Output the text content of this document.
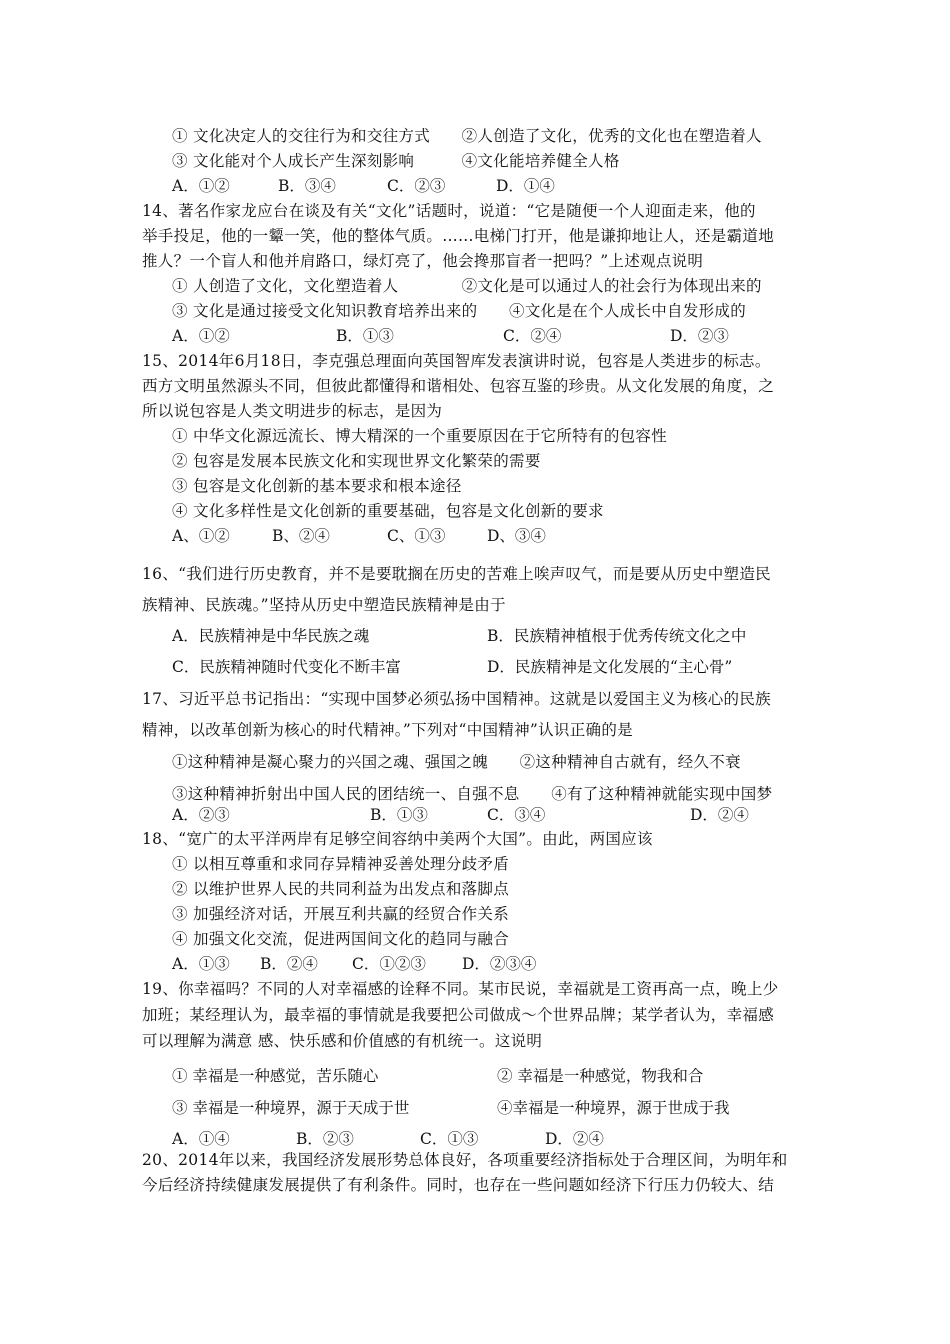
① 文化决定人的交往行为和交往方式　　②人创造了文化，优秀的文化也在塑造着人
③ 文化能对个人成长产生深刻影响　　　④文化能培养健全人格
A．①②	B．③④	C．②③	D．①④
14、著名作家龙应台在谈及有关“文化”话题时，说道：“它是随便一个人迎面走来，他的
举手投足，他的一颦一笑，他的整体气质。……电梯门打开，他是谦抑地让人，还是霸道地
推人？一个盲人和他并肩路口，绿灯亮了，他会搀那盲者一把吗？”上述观点说明
① 人创造了文化，文化塑造着人　　　　②文化是可以通过人的社会行为体现出来的
③ 文化是通过接受文化知识教育培养出来的　　④文化是在个人成长中自发形成的
A．①②	B．①③	C．②④	D．②③
15、2014年6月18日，李克强总理面向英国智库发表演讲时说，包容是人类进步的标志。
西方文明虽然源头不同，但彼此都懂得和谐相处、包容互鉴的珍贵。从文化发展的角度，之
所以说包容是人类文明进步的标志，是因为
① 中华文化源远流长、博大精深的一个重要原因在于它所特有的包容性
② 包容是发展本民族文化和实现世界文化繁荣的需要
③ 包容是文化创新的基本要求和根本途径
④ 文化多样性是文化创新的重要基础，包容是文化创新的要求
A、①②	B、②④	C、①③	D、③④
16、“我们进行历史教育，并不是要耽搁在历史的苦难上唉声叹气，而是要从历史中塑造民
族精神、民族魂。”坚持从历史中塑造民族精神是由于
A．民族精神是中华民族之魂	B．民族精神植根于优秀传统文化之中
C．民族精神随时代变化不断丰富	D．民族精神是文化发展的“主心骨”
17、习近平总书记指出：“实现中国梦必须弘扬中国精神。这就是以爱国主义为核心的民族
精神，以改革创新为核心的时代精神。”下列对“中国精神”认识正确的是
①这种精神是凝心聚力的兴国之魂、强国之魄　　②这种精神自古就有，经久不衰
③这种精神折射出中国人民的团结统一、自强不息　　④有了这种精神就能实现中国梦
A．②③	B．①③	C．③④	D．②④
18、“宽广的太平洋两岸有足够空间容纳中美两个大国”。由此，两国应该
① 以相互尊重和求同存异精神妥善处理分歧矛盾
② 以维护世界人民的共同利益为出发点和落脚点
③ 加强经济对话，开展互利共赢的经贸合作关系
④ 加强文化交流，促进两国间文化的趋同与融合
A．①③ B．②④ C．①②③ D．②③④
19、你幸福吗？不同的人对幸福感的诠释不同。某市民说，幸福就是工资再高一点，晚上少
加班；某经理认为，最幸福的事情就是我要把公司做成～个世界品牌；某学者认为，幸福感
可以理解为满意 感、快乐感和价值感的有机统一。这说明
① 幸福是一种感觉，苦乐随心	② 幸福是一种感觉，物我和合
③ 幸福是一种境界，源于天成于世	④幸福是一种境界，源于世成于我
A．①④	B．②③	C．①③	D．②④
20、2014年以来，我国经济发展形势总体良好，各项重要经济指标处于合理区间，为明年和
今后经济持续健康发展提供了有利条件。同时，也存在一些问题如经济下行压力仍较大、结
